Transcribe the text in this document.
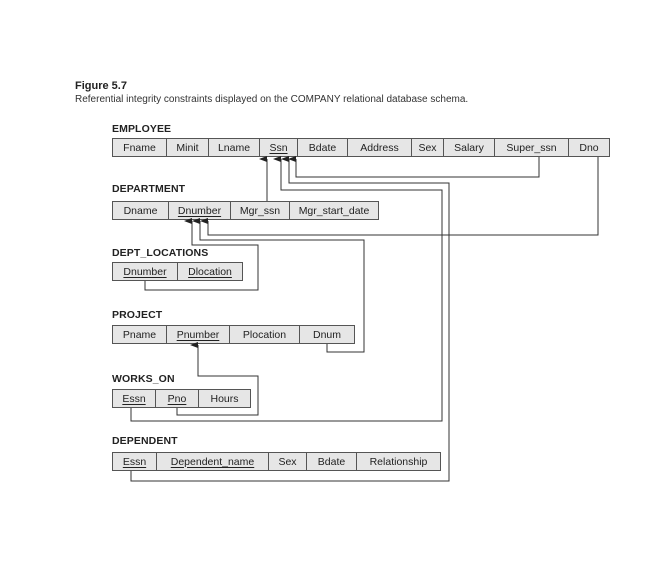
Figure 5.7
Referential integrity constraints displayed on the COMPANY relational database schema.
EMPLOYEE
Fname Minit Lname Ssn Bdate Address Sex Salary Super_ssn Dno
DEPARTMENT
Dname Dnumber Mgr_ssn Mgr_start_date
DEPT_LOCATIONS
Dnumber Dlocation
PROJECT
Pname Pnumber Plocation	Dnum
WORKS_ON
Essn Pno Hours
DEPENDENT
Essn Dependent_name Sex Bdate Relationship
